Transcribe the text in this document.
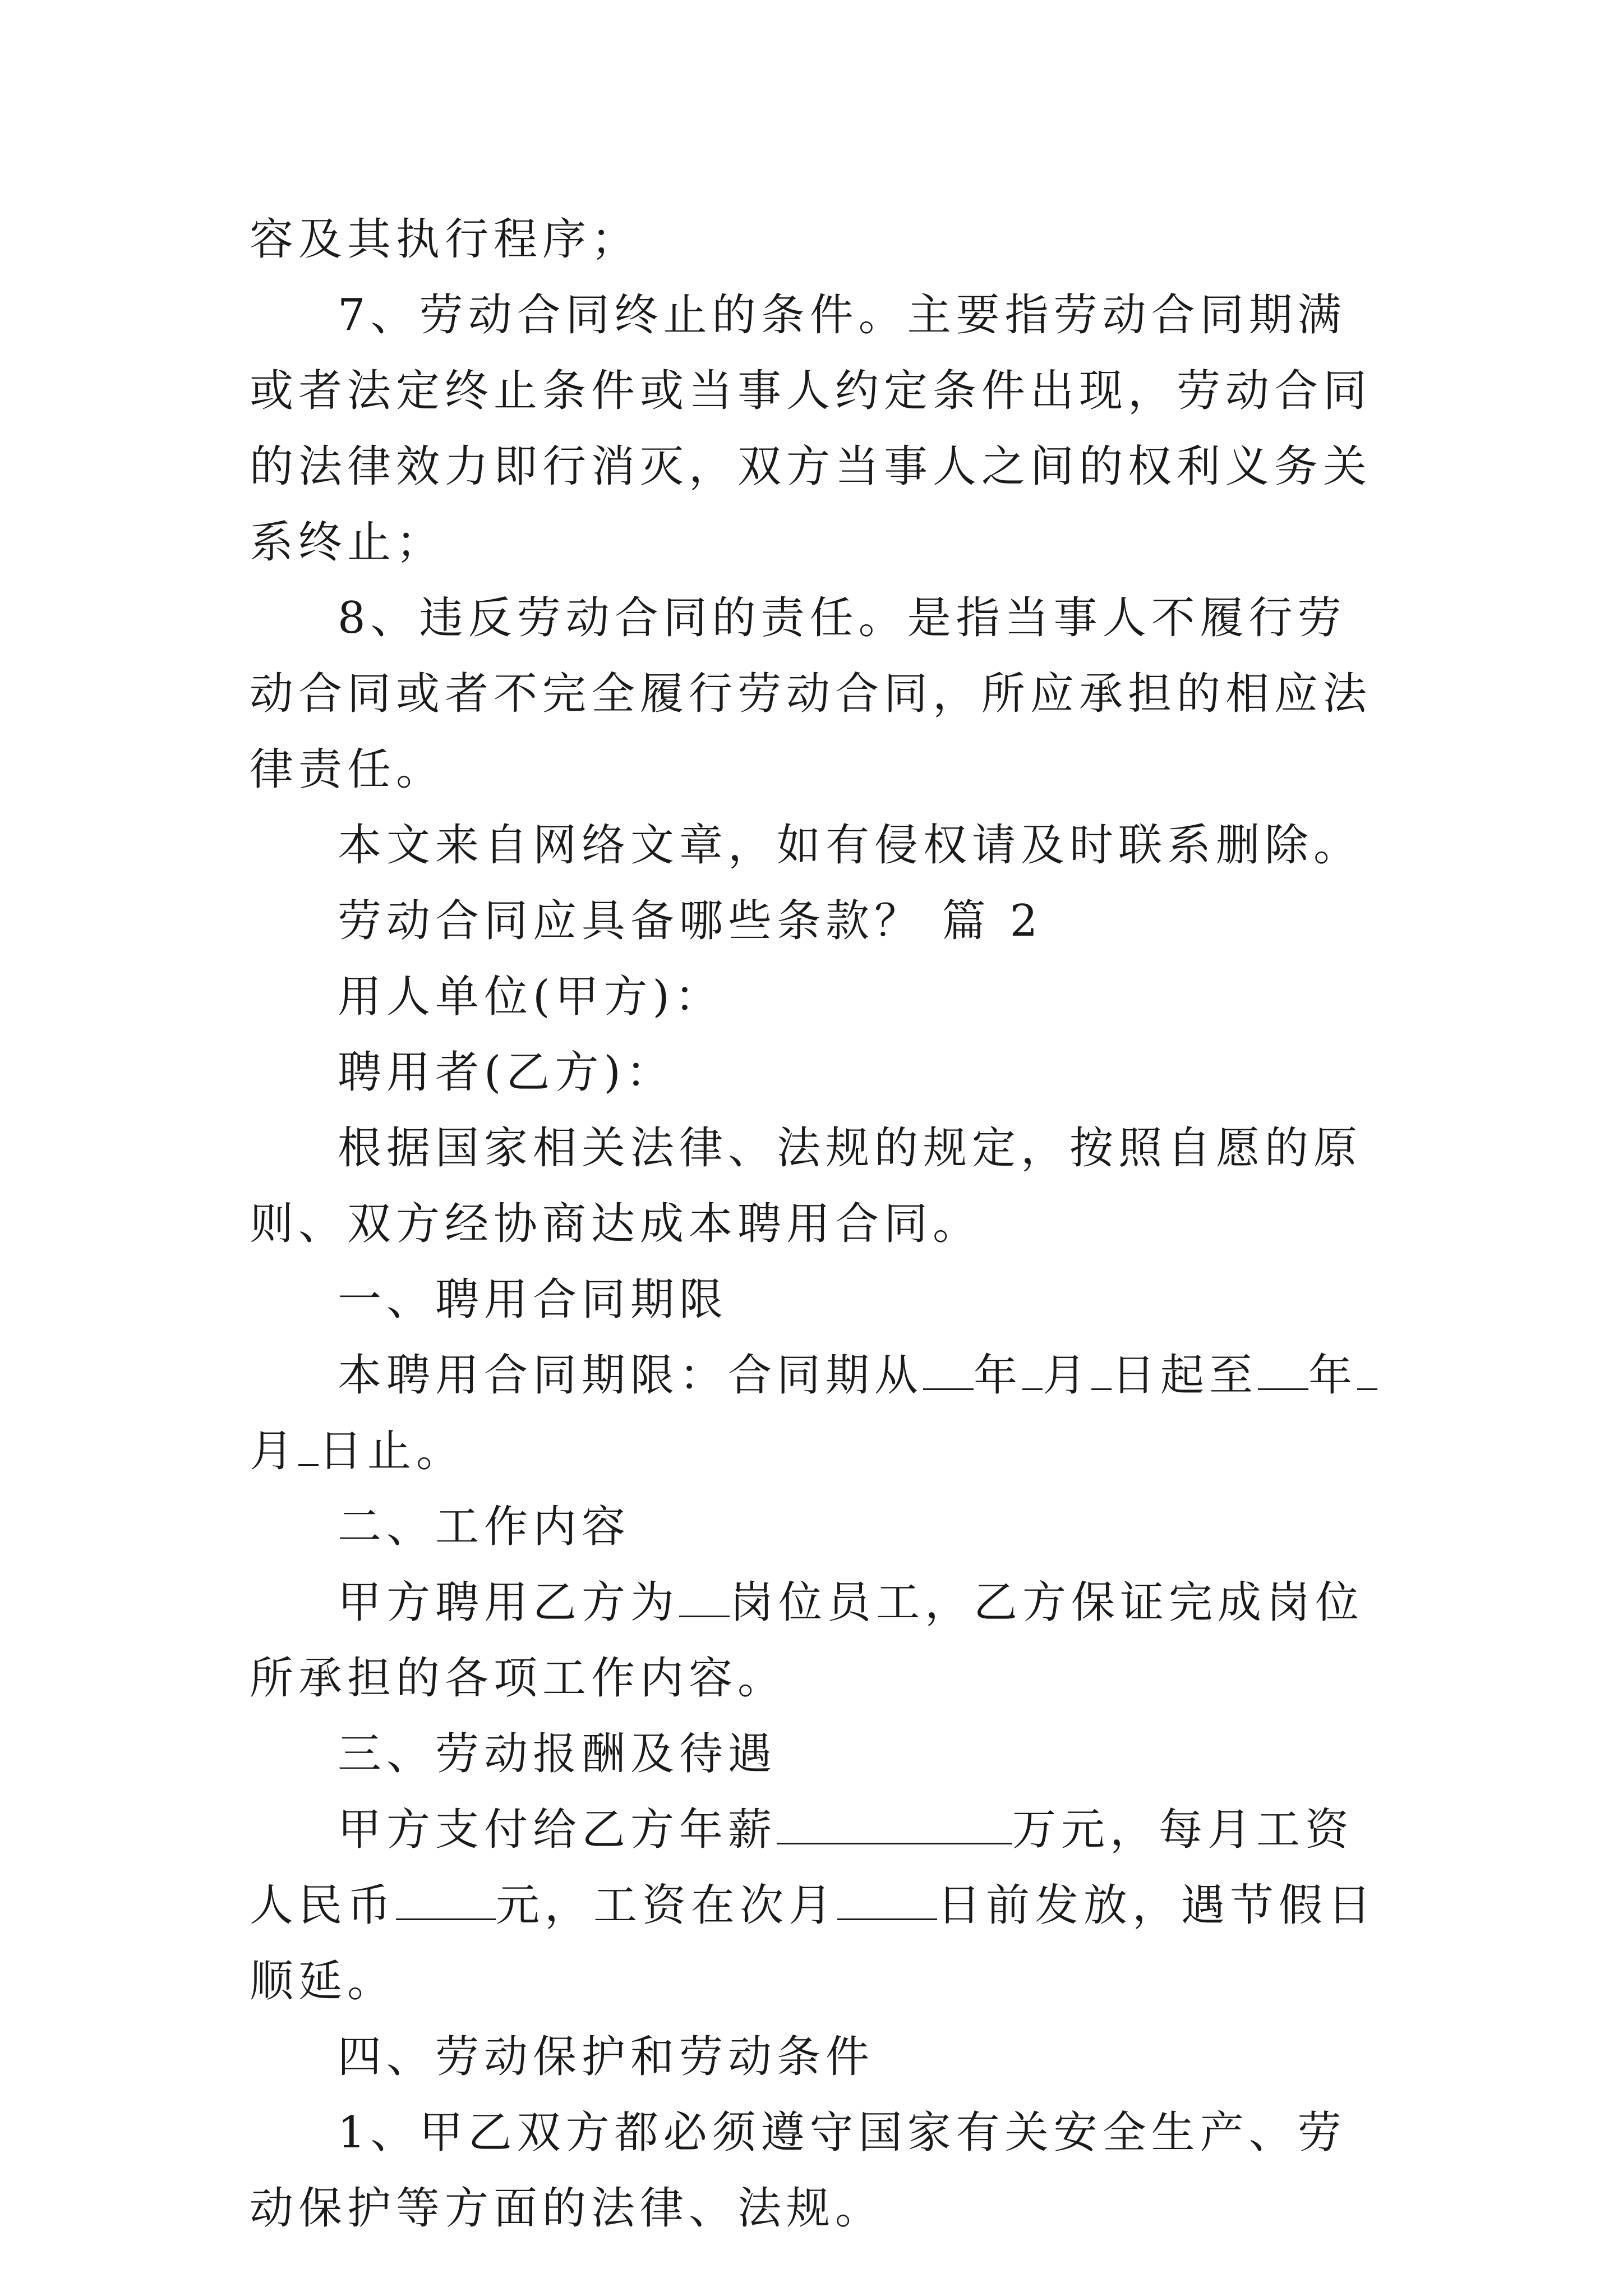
容及其执行程序；

7、劳动合同终止的条件。主要指劳动合同期满或者法定终止条件或当事人约定条件出现，劳动合同的法律效力即行消灭，双方当事人之间的权利义务关系终止；

8、违反劳动合同的责任。是指当事人不履行劳动合同或者不完全履行劳动合同，所应承担的相应法律责任。

本文来自网络文章，如有侵权请及时联系删除。

劳动合同应具备哪些条款？ 篇 2

用人单位(甲方)：

聘用者(乙方)：

根据国家相关法律、法规的规定，按照自愿的原则、双方经协商达成本聘用合同。

一、聘用合同期限

本聘用合同期限：合同期从 年 月 日起至 年月 日止。

二、工作内容

甲方聘用乙方为 岗位员工，乙方保证完成岗位所承担的各项工作内容。

三、劳动报酬及待遇

甲方支付给乙方年薪	万元，每月工资人民币 元，工资在次月 日前发放，遇节假日顺延。

四、劳动保护和劳动条件

1、甲乙双方都必须遵守国家有关安全生产、劳动保护等方面的法律、法规。
